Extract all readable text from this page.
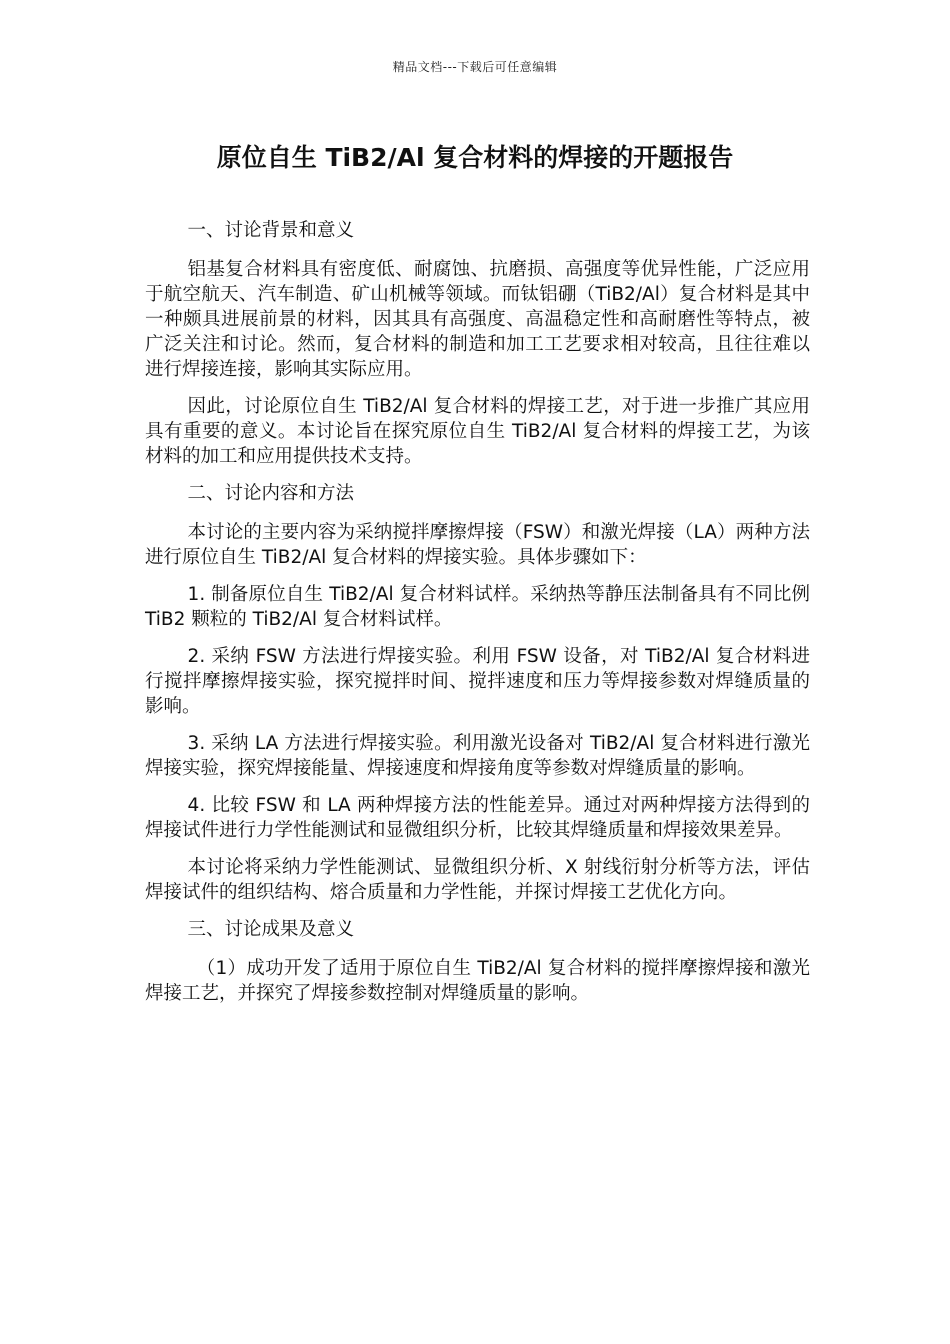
精品文档---下载后可任意编辑
原位自生 TiB2/Al 复合材料的焊接的开题报告

一、讨论背景和意义

铝基复合材料具有密度低、耐腐蚀、抗磨损、高强度等优异性能，广泛应用于航空航天、汽车制造、矿山机械等领域。而钛铝硼（TiB2/Al）复合材料是其中一种颇具进展前景的材料，因其具有高强度、高温稳定性和高耐磨性等特点，被广泛关注和讨论。然而，复合材料的制造和加工工艺要求相对较高，且往往难以进行焊接连接，影响其实际应用。

因此，讨论原位自生 TiB2/Al 复合材料的焊接工艺，对于进一步推广其应用具有重要的意义。本讨论旨在探究原位自生 TiB2/Al 复合材料的焊接工艺，为该材料的加工和应用提供技术支持。

二、讨论内容和方法

本讨论的主要内容为采纳搅拌摩擦焊接（FSW）和激光焊接（LA）两种方法进行原位自生 TiB2/Al 复合材料的焊接实验。具体步骤如下：

1. 制备原位自生 TiB2/Al 复合材料试样。采纳热等静压法制备具有不同比例 TiB2 颗粒的 TiB2/Al 复合材料试样。

2. 采纳 FSW 方法进行焊接实验。利用 FSW 设备，对 TiB2/Al 复合材料进行搅拌摩擦焊接实验，探究搅拌时间、搅拌速度和压力等焊接参数对焊缝质量的影响。

3. 采纳 LA 方法进行焊接实验。利用激光设备对 TiB2/Al 复合材料进行激光焊接实验，探究焊接能量、焊接速度和焊接角度等参数对焊缝质量的影响。

4. 比较 FSW 和 LA 两种焊接方法的性能差异。通过对两种焊接方法得到的焊接试件进行力学性能测试和显微组织分析，比较其焊缝质量和焊接效果差异。

本讨论将采纳力学性能测试、显微组织分析、X 射线衍射分析等方法，评估焊接试件的组织结构、熔合质量和力学性能，并探讨焊接工艺优化方向。

三、讨论成果及意义

（1）成功开发了适用于原位自生 TiB2/Al 复合材料的搅拌摩擦焊接和激光焊接工艺，并探究了焊接参数控制对焊缝质量的影响。
